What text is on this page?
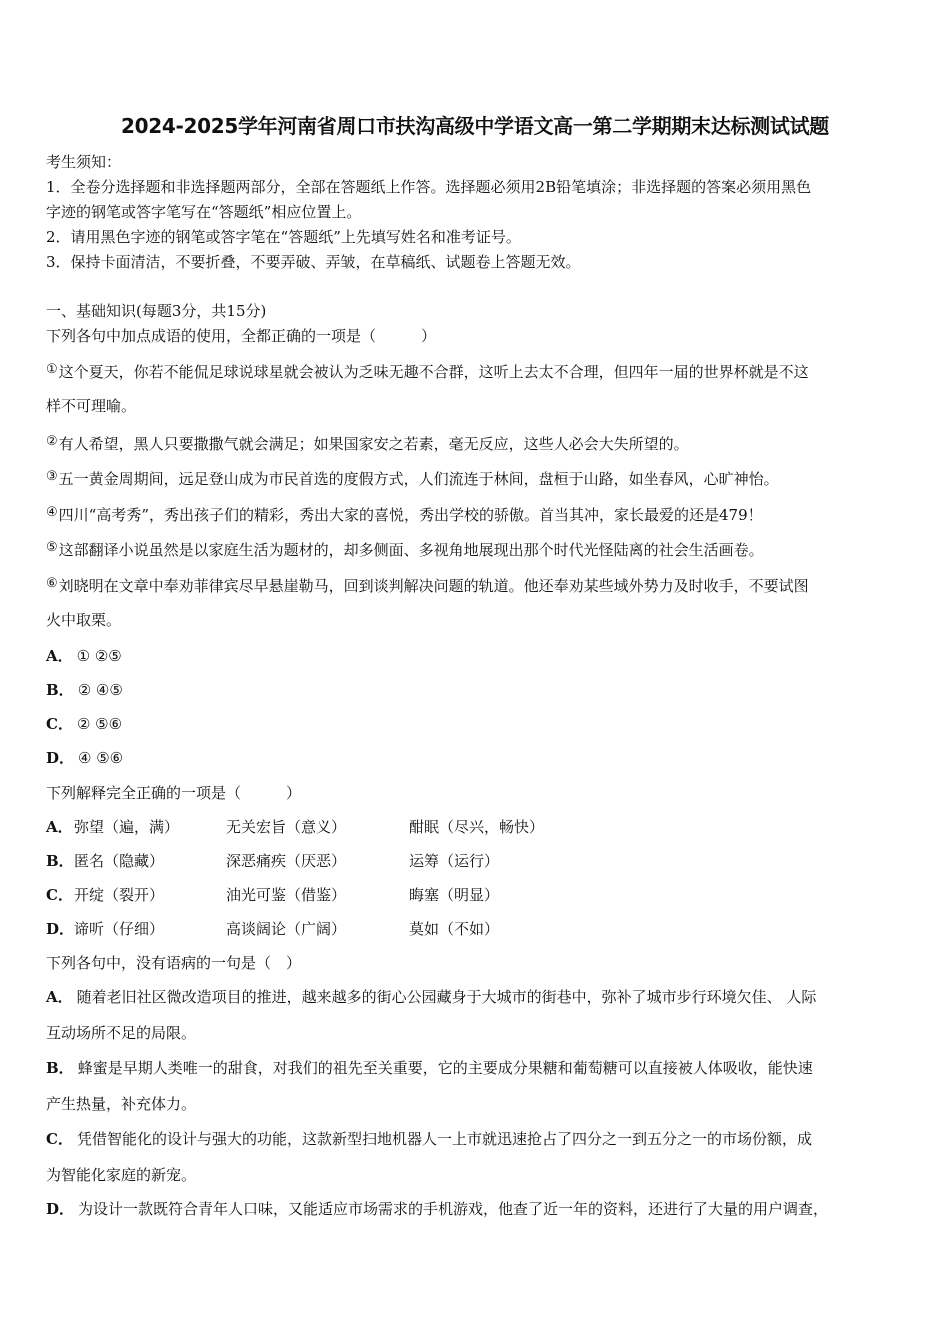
2024-2025学年河南省周口市扶沟高级中学语文高一第二学期期末达标测试试题
考生须知：
1．全卷分选择题和非选择题两部分，全部在答题纸上作答。选择题必须用2B铅笔填涂；非选择题的答案必须用黑色
字迹的钢笔或答字笔写在“答题纸”相应位置上。
2．请用黑色字迹的钢笔或答字笔在“答题纸”上先填写姓名和准考证号。
3．保持卡面清洁，不要折叠，不要弄破、弄皱，在草稿纸、试题卷上答题无效。
一、基础知识(每题3分，共15分)
下列各句中加点成语的使用，全都正确的一项是（　　　）
①这个夏天，你若不能侃足球说球星就会被认为乏味无趣不合群，这听上去太不合理，但四年一届的世界杯就是不这
样不可理喻。
②有人希望，黑人只要撒撒气就会满足；如果国家安之若素，毫无反应，这些人必会大失所望的。
③五一黄金周期间，远足登山成为市民首选的度假方式，人们流连于林间，盘桓于山路，如坐春风，心旷神怡。
④四川“高考秀”，秀出孩子们的精彩，秀出大家的喜悦，秀出学校的骄傲。首当其冲，家长最爱的还是479！
⑤这部翻译小说虽然是以家庭生活为题材的，却多侧面、多视角地展现出那个时代光怪陆离的社会生活画卷。
⑥刘晓明在文章中奉劝菲律宾尽早悬崖勒马，回到谈判解决问题的轨道。他还奉劝某些域外势力及时收手，不要试图
火中取栗。
A． ① ②⑤
B． ② ④⑤
C． ② ⑤⑥
D． ④ ⑤⑥
下列解释完全正确的一项是（　　　）
A． 弥望（遍，满）	无关宏旨（意义）	酣眠（尽兴，畅快）
B． 匿名（隐藏）	深恶痛疾（厌恶）	运筹（运行）
C． 开绽（裂开）	油光可鉴（借鉴）	晦塞（明显）
D． 谛听（仔细）	高谈阔论（广阔）	莫如（不如）
下列各句中，没有语病的一句是（　）
A． 随着老旧社区微改造项目的推进，越来越多的街心公园藏身于大城市的街巷中，弥补了城市步行环境欠佳、 人际
互动场所不足的局限。
B． 蜂蜜是早期人类唯一的甜食，对我们的祖先至关重要，它的主要成分果糖和葡萄糖可以直接被人体吸收，能快速
产生热量，补充体力。
C． 凭借智能化的设计与强大的功能，这款新型扫地机器人一上市就迅速抢占了四分之一到五分之一的市场份额，成
为智能化家庭的新宠。
D． 为设计一款既符合青年人口味，又能适应市场需求的手机游戏，他查了近一年的资料，还进行了大量的用户调查，
